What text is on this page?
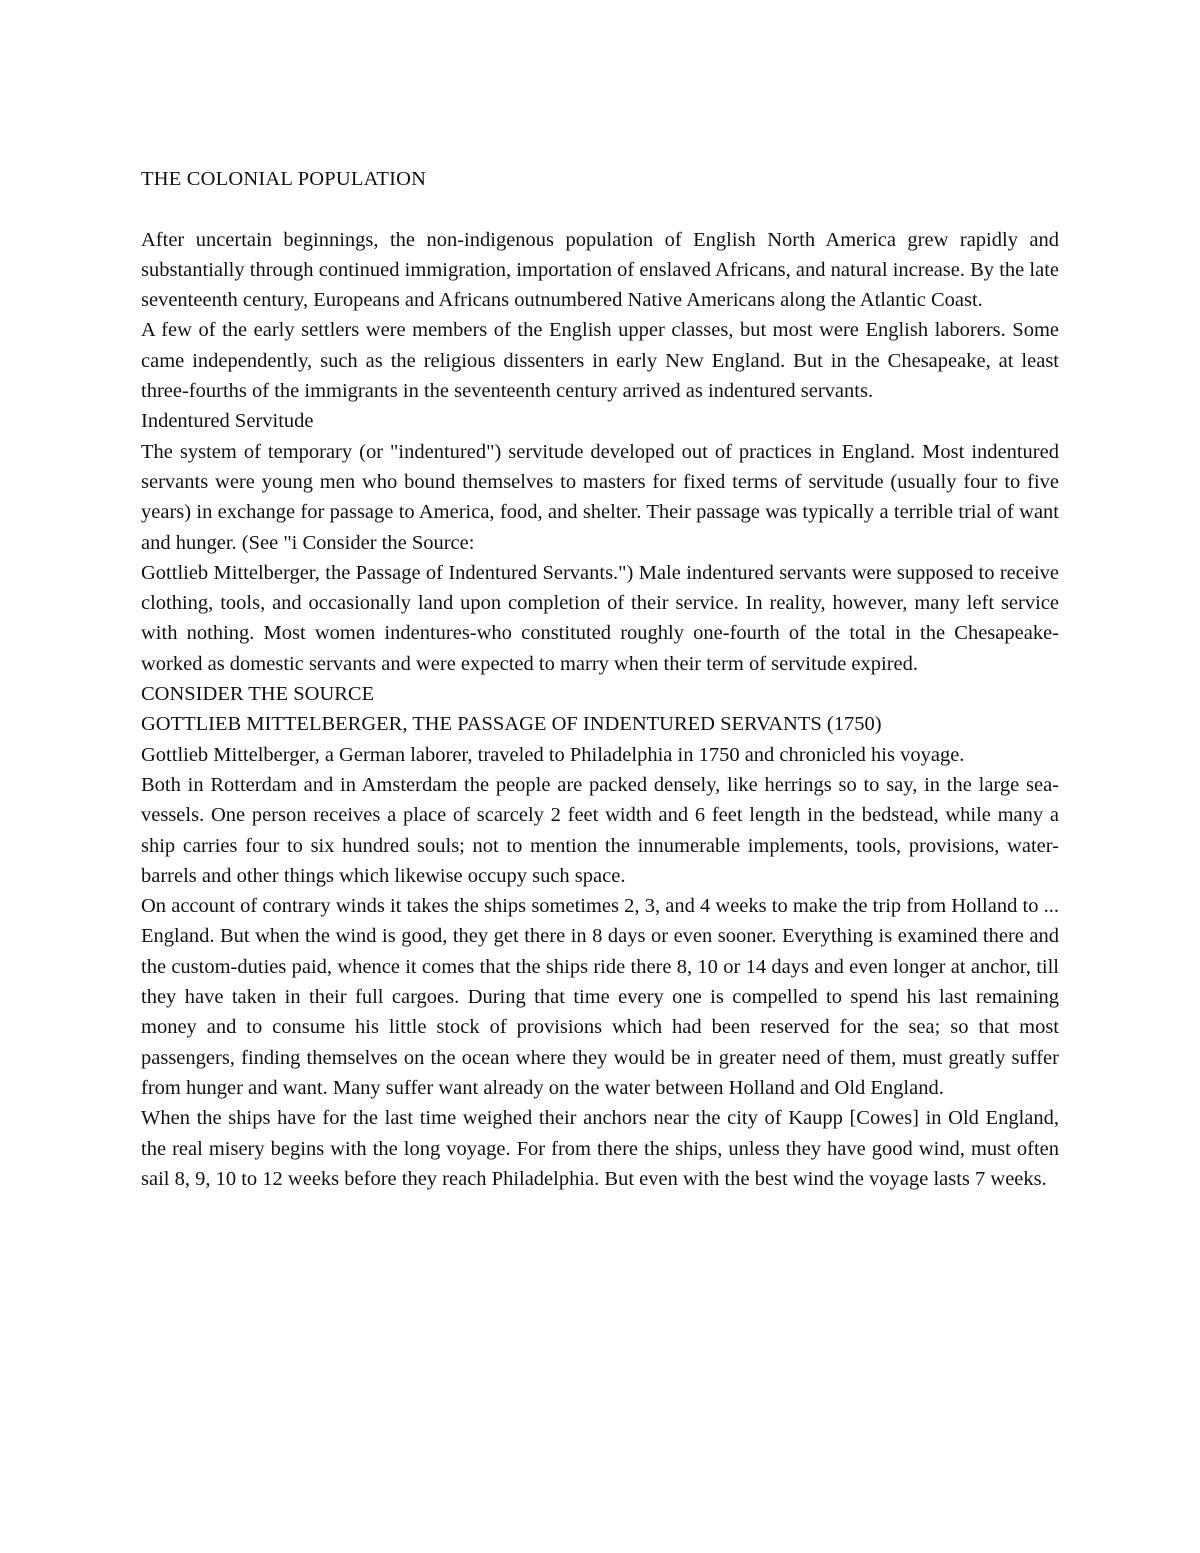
THE COLONIAL POPULATION

After uncertain beginnings, the non-indigenous population of English North America grew rapidly and substantially through continued immigration, importation of enslaved Africans, and natural increase. By the late seventeenth century, Europeans and Africans outnumbered Native Americans along the Atlantic Coast.

A few of the early settlers were members of the English upper classes, but most were English laborers. Some came independently, such as the religious dissenters in early New England. But in the Chesapeake, at least three-fourths of the immigrants in the seventeenth century arrived as indentured servants.

Indentured Servitude

The system of temporary (or "indentured") servitude developed out of practices in England. Most indentured servants were young men who bound themselves to masters for fixed terms of servitude (usually four to five years) in exchange for passage to America, food, and shelter. Their passage was typically a terrible trial of want and hunger. (See "i Consider the Source:

Gottlieb Mittelberger, the Passage of Indentured Servants.") Male indentured servants were supposed to receive clothing, tools, and occasionally land upon completion of their service. In reality, however, many left service with nothing. Most women indentures-who constituted roughly one-fourth of the total in the Chesapeake-worked as domestic servants and were expected to marry when their term of servitude expired.

CONSIDER THE SOURCE

GOTTLIEB MITTELBERGER, THE PASSAGE OF INDENTURED SERVANTS (1750)

Gottlieb Mittelberger, a German laborer, traveled to Philadelphia in 1750 and chronicled his voyage.

Both in Rotterdam and in Amsterdam the people are packed densely, like herrings so to say, in the large sea-vessels. One person receives a place of scarcely 2 feet width and 6 feet length in the bedstead, while many a ship carries four to six hundred souls; not to mention the innumerable implements, tools, provisions, water-barrels and other things which likewise occupy such space.

On account of contrary winds it takes the ships sometimes 2, 3, and 4 weeks to make the trip from Holland to ... England. But when the wind is good, they get there in 8 days or even sooner. Everything is examined there and the custom-duties paid, whence it comes that the ships ride there 8, 10 or 14 days and even longer at anchor, till they have taken in their full cargoes. During that time every one is compelled to spend his last remaining money and to consume his little stock of provisions which had been reserved for the sea; so that most passengers, finding themselves on the ocean where they would be in greater need of them, must greatly suffer from hunger and want. Many suffer want already on the water between Holland and Old England.

When the ships have for the last time weighed their anchors near the city of Kaupp [Cowes] in Old England, the real misery begins with the long voyage. For from there the ships, unless they have good wind, must often sail 8, 9, 10 to 12 weeks before they reach Philadelphia. But even with the best wind the voyage lasts 7 weeks.
